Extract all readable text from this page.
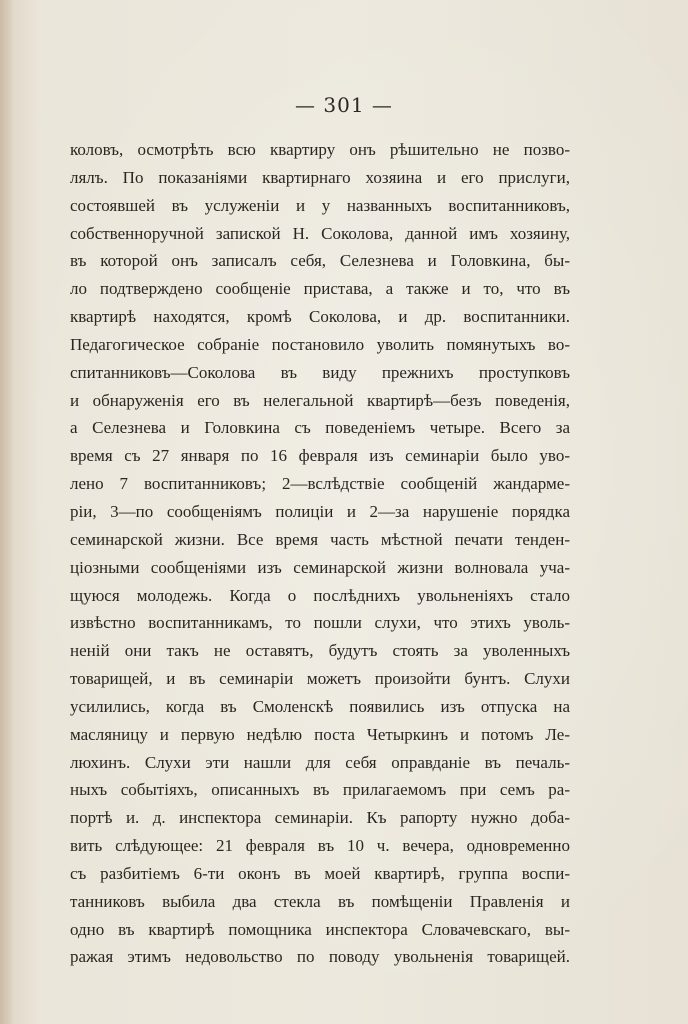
— 301 —
коловъ, осмотрѣть всю квартиру онъ рѣшительно не позво-
лялъ. По показаніями квартирнаго хозяина и его прислуги,
состоявшей въ услуженіи и у названныхъ воспитанниковъ,
собственноручной запиской Н. Соколова, данной имъ хозяину,
въ которой онъ записалъ себя, Селезнева и Головкина, бы-
ло подтверждено сообщеніе пристава, а также и то, что въ
квартирѣ находятся, кромѣ Соколова, и др. воспитанники.
Педагогическое собраніе постановило уволить помянутыхъ во-
спитанниковъ—Соколова въ виду прежнихъ проступковъ
и обнаруженія его въ нелегальной квартирѣ—безъ поведенія,
а Селезнева и Головкина съ поведеніемъ четыре. Всего за
время съ 27 января по 16 февраля изъ семинаріи было уво-
лено 7 воспитанниковъ; 2—вслѣдствіе сообщеній жандарме-
ріи, 3—по сообщеніямъ полиціи и 2—за нарушеніе порядка
семинарской жизни. Все время часть мѣстной печати тенден-
ціозными сообщеніями изъ семинарской жизни волновала уча-
щуюся молодежь. Когда о послѣднихъ увольненіяхъ стало
извѣстно воспитанникамъ, то пошли слухи, что этихъ уволь-
неній они такъ не оставятъ, будутъ стоять за уволенныхъ
товарищей, и въ семинаріи можетъ произойти бунтъ. Слухи
усилились, когда въ Смоленскѣ появились изъ отпуска на
масляницу и первую недѣлю поста Четыркинъ и потомъ Ле-
люхинъ. Слухи эти нашли для себя оправданіе въ печаль-
ныхъ событіяхъ, описанныхъ въ прилагаемомъ при семъ ра-
портѣ и. д. инспектора семинаріи. Къ рапорту нужно доба-
вить слѣдующее: 21 февраля въ 10 ч. вечера, одновременно
съ разбитіемъ 6-ти оконъ въ моей квартирѣ, группа воспи-
танниковъ выбила два стекла въ помѣщеніи Правленія и
одно въ квартирѣ помощника инспектора Словачевскаго, вы-
ражая этимъ недовольство по поводу увольненія товарищей.
